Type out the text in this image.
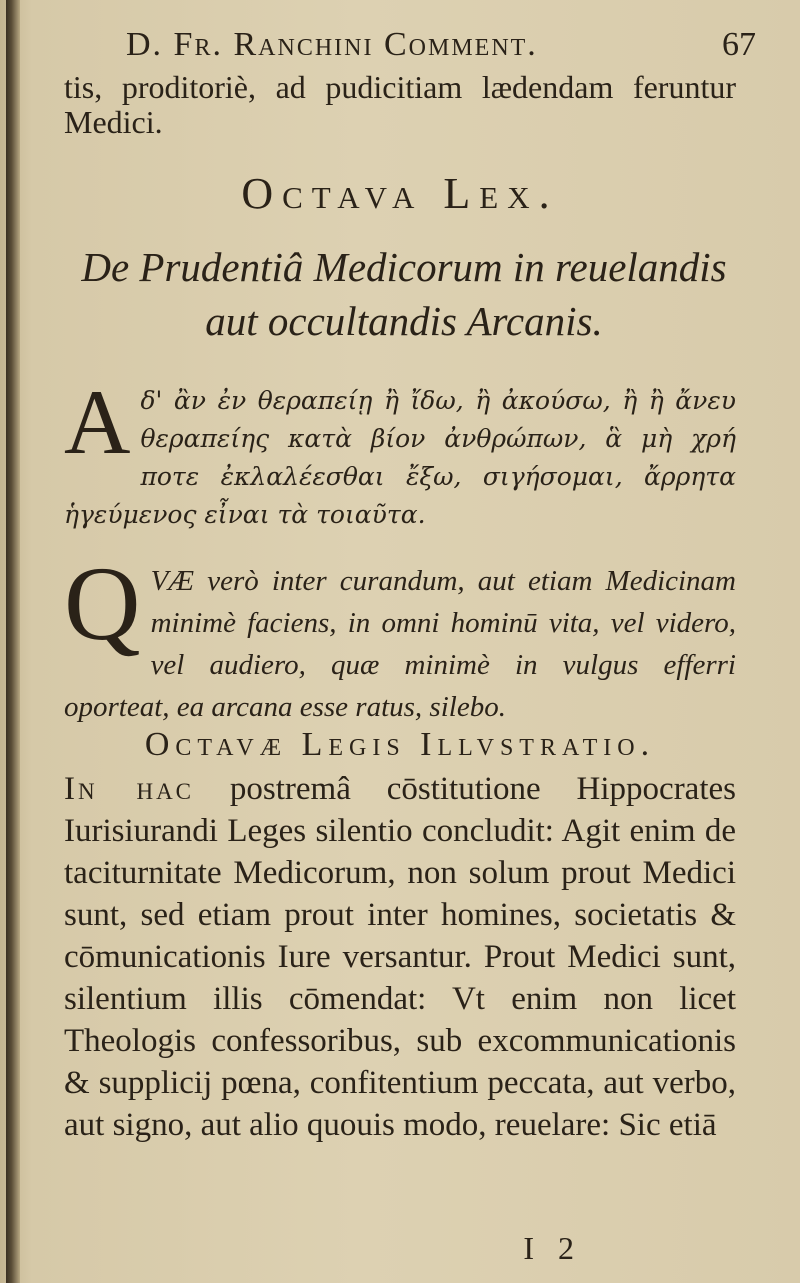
D. Fr. Ranchini Comment.	67
tis, proditoriè, ad pudicitiam lædendam feruntur Medici.
Octava Lex.
De Prudentiâ Medicorum in reuelandis aut occultandis Arcanis.
A δ' ἂν ἐν θεραπείῃ ἢ ἴδω, ἢ ἀκούσω, ἢ ἢ ἄνευ θεραπείης κατὰ βίον ἀνθρώπων, ἃ μὴ χρή ποτε ἐκλαλέεσθαι ἔξω, σιγήσομαι, ἄρρητα ἡγεύμενος εἶναι τὰ τοιαῦτα.
Q VÆ verò inter curandum, aut etiam Medicinam minimè faciens, in omni hominū vita, vel videro, vel audiero, quæ minimè in vulgus efferri oporteat, ea arcana esse ratus, silebo.
Octavæ Legis Illvstratio.
In hac postremâ cōstitutione Hippocrates Iurisiurandi Leges silentio concludit: Agit enim de taciturnitate Medicorum, non solum prout Medici sunt, sed etiam prout inter homines, societatis & cōmunicationis Iure versantur. Prout Medici sunt, silentium illis cōmendat: Vt enim non licet Theologis confessoribus, sub excommunicationis & supplicij pœna, confitentium peccata, aut verbo, aut signo, aut alio quouis modo, reuelare: Sic etiā
I 2
